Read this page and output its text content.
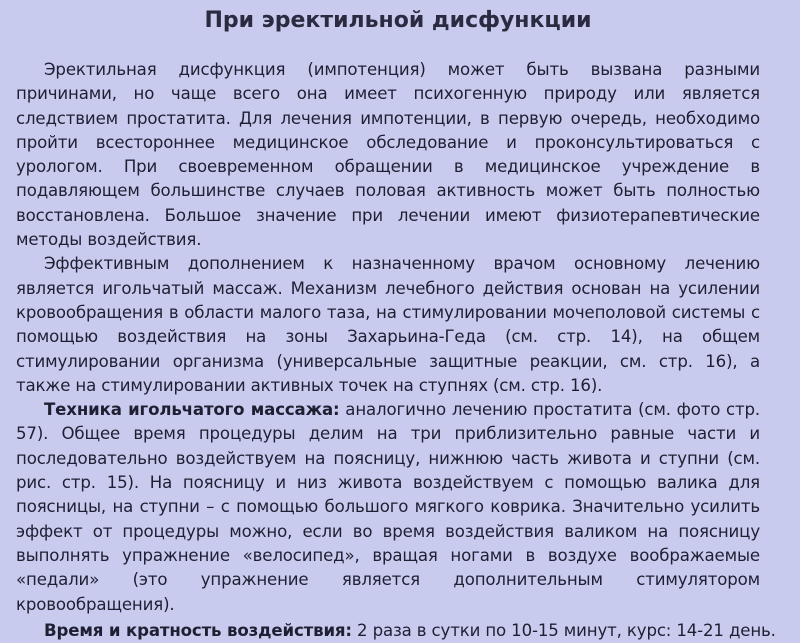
При эректильной дисфункции

Эректильная дисфункция (импотенция) может быть вызвана разными причинами, но чаще всего она имеет психогенную природу или является следствием простатита. Для лечения импотенции, в первую очередь, необходимо пройти всестороннее медицинское обследование и проконсультироваться с урологом. При своевременном обращении в медицинское учреждение в подавляющем большинстве случаев половая активность может быть полностью восстановлена. Большое значение при лечении имеют физиотерапевтические методы воздействия.

Эффективным дополнением к назначенному врачом основному лечению является игольчатый массаж. Механизм лечебного действия основан на усилении кровообращения в области малого таза, на стимулировании мочеполовой системы с помощью воздействия на зоны Захарьина-Геда (см. стр. 14), на общем стимулировании организма (универсальные защитные реакции, см. стр. 16), а также на стимулировании активных точек на ступнях (см. стр. 16).

Техника игольчатого массажа: аналогично лечению простатита (см. фото стр. 57). Общее время процедуры делим на три приблизительно равные части и последовательно воздействуем на поясницу, нижнюю часть живота и ступни (см. рис. стр. 15). На поясницу и низ живота воздействуем с помощью валика для поясницы, на ступни – с помощью большого мягкого коврика. Значительно усилить эффект от процедуры можно, если во время воздействия валиком на поясницу выполнять упражнение «велосипед», вращая ногами в воздухе воображаемые «педали» (это упражнение является дополнительным стимулятором кровообращения).

Время и кратность воздействия: 2 раза в сутки по 10-15 минут, курс: 14-21 день.
